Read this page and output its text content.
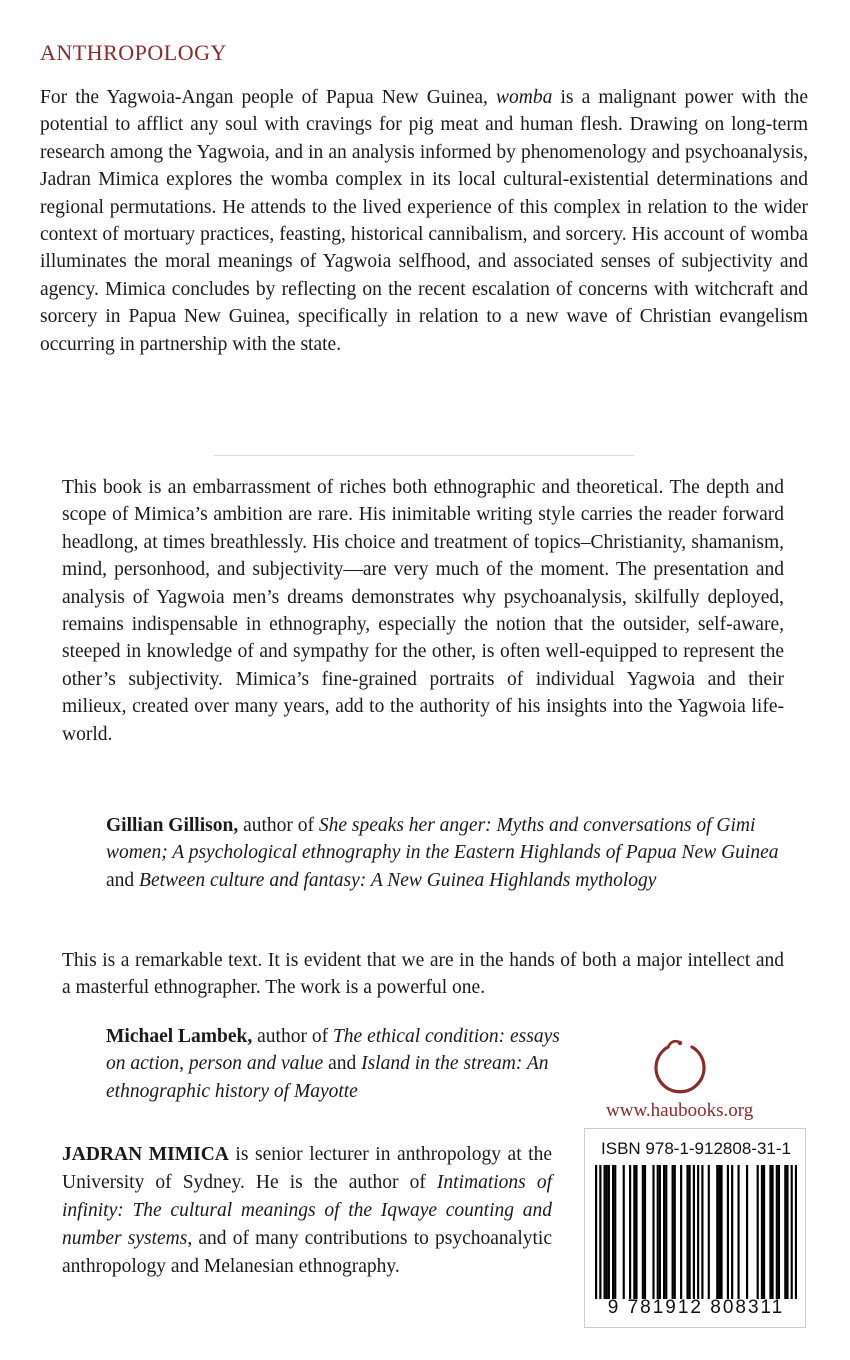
ANTHROPOLOGY

For the Yagwoia-Angan people of Papua New Guinea, womba is a malignant power with the potential to afflict any soul with cravings for pig meat and human flesh. Drawing on long-term research among the Yagwoia, and in an analysis informed by phenomenology and psychoanalysis, Jadran Mimica explores the womba complex in its local cultural-existential determinations and regional permutations. He attends to the lived experience of this complex in relation to the wider context of mortuary practices, feasting, historical cannibalism, and sorcery. His account of womba illuminates the moral meanings of Yagwoia selfhood, and associated senses of subjectivity and agency. Mimica concludes by reflecting on the recent escalation of concerns with witchcraft and sorcery in Papua New Guinea, specifically in relation to a new wave of Christian evangelism occurring in partnership with the state.

This book is an embarrassment of riches both ethnographic and theoretical. The depth and scope of Mimica’s ambition are rare. His inimitable writing style carries the reader forward headlong, at times breathlessly. His choice and treatment of topics–Christianity, shamanism, mind, personhood, and subjectivity—are very much of the moment. The presentation and analysis of Yagwoia men’s dreams demonstrates why psychoanalysis, skilfully deployed, remains indispensable in ethnography, especially the notion that the outsider, self-aware, steeped in knowledge of and sympathy for the other, is often well-equipped to represent the other’s subjectivity. Mimica’s fine-grained portraits of individual Yagwoia and their milieux, created over many years, add to the authority of his insights into the Yagwoia life-world.

Gillian Gillison, author of She speaks her anger: Myths and conversations of Gimi women; A psychological ethnography in the Eastern Highlands of Papua New Guinea and Between culture and fantasy: A New Guinea Highlands mythology

This is a remarkable text. It is evident that we are in the hands of both a major intellect and a masterful ethnographer. The work is a powerful one.

Michael Lambek, author of The ethical condition: essays on action, person and value and Island in the stream: An ethnographic history of Mayotte

www.haubooks.org

JADRAN MIMICA is senior lecturer in anthropology at the University of Sydney. He is the author of Intimations of infinity: The cultural meanings of the Iqwaye counting and number systems, and of many contributions to psychoanalytic anthropology and Melanesian ethnography.

ISBN 978-1-912808-31-1
9 781912 808311
